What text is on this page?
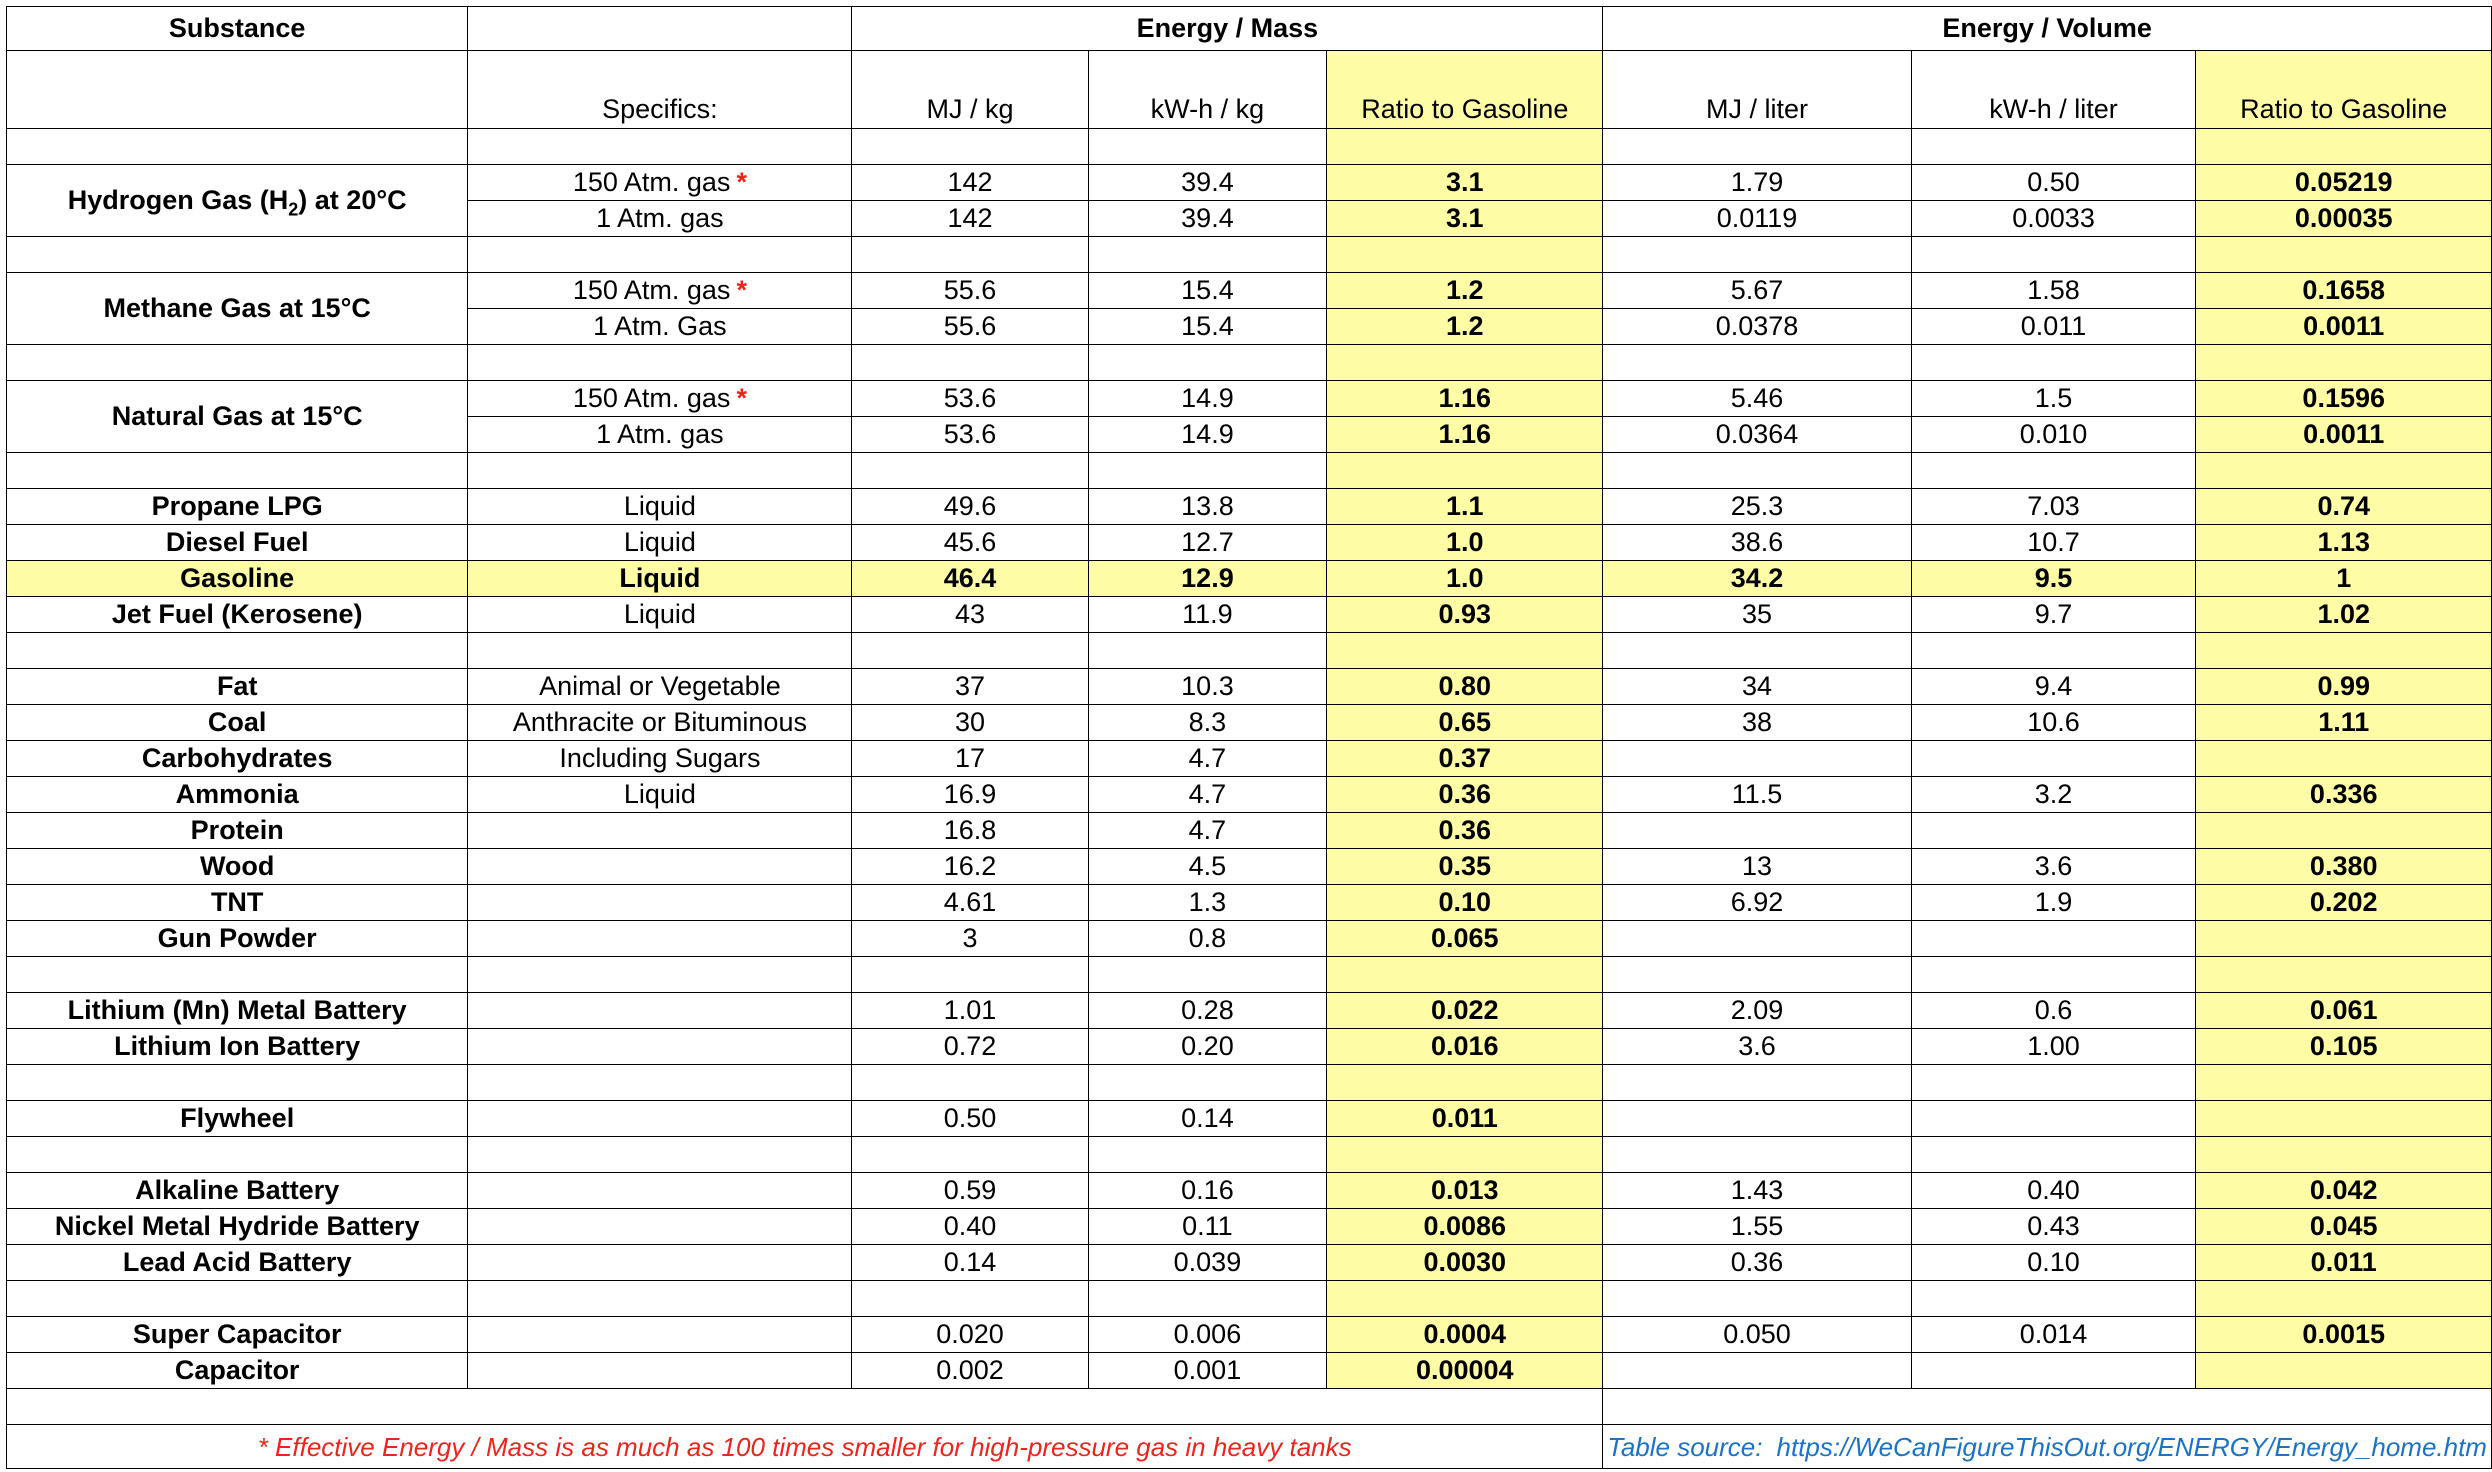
Substance		Energy / Mass			Energy / Volume		
	Specifics:	MJ / kg	kW-h / kg	Ratio to Gasoline	MJ / liter	kW-h / liter	Ratio to Gasoline

Hydrogen Gas $(H_2)$ at 20°C	150 Atm. gas *	142	39.4	3.1	1.79	0.50	0.05219
	1 Atm. gas	142	39.4	3.1	0.0119	0.0033	0.00035

Methane Gas at 15°C	150 Atm. gas *	55.6	15.4	1.2	5.67	1.58	0.1658
	1 Atm. Gas	55.6	15.4	1.2	0.0378	0.011	0.0011

Natural Gas at 15°C	150 Atm. gas *	53.6	14.9	1.16	5.46	1.5	0.1596
	1 Atm. gas	53.6	14.9	1.16	0.0364	0.010	0.0011

Propane LPG	Liquid	49.6	13.8	1.1	25.3	7.03	0.74
Diesel Fuel	Liquid	45.6	12.7	1.0	38.6	10.7	1.13
Gasoline	Liquid	46.4	12.9	1.0	34.2	9.5	1
Jet Fuel (Kerosene)	Liquid	43	11.9	0.93	35	9.7	1.02

Fat	Animal or Vegetable	37	10.3	0.80	34	9.4	0.99
Coal	Anthracite or Bituminous	30	8.3	0.65	38	10.6	1.11
Carbohydrates	Including Sugars	17	4.7	0.37			
Ammonia	Liquid	16.9	4.7	0.36	11.5	3.2	0.336
Protein		16.8	4.7	0.36			
Wood		16.2	4.5	0.35	13	3.6	0.380
TNT		4.61	1.3	0.10	6.92	1.9	0.202
Gun Powder		3	0.8	0.065			

Lithium (Mn) Metal Battery		1.01	0.28	0.022	2.09	0.6	0.061
Lithium Ion Battery		0.72	0.20	0.016	3.6	1.00	0.105

Flywheel		0.50	0.14	0.011			

Alkaline Battery		0.59	0.16	0.013	1.43	0.40	0.042
Nickel Metal Hydride Battery		0.40	0.11	0.0086	1.55	0.43	0.045
Lead Acid Battery		0.14	0.039	0.0030	0.36	0.10	0.011

Super Capacitor		0.020	0.006	0.0004	0.050	0.014	0.0015
Capacitor		0.002	0.001	0.00004			

* Effective Energy / Mass is as much as 100 times smaller for high-pressure gas in heavy tanks					Table source: https://WeCanFigureThisOut.org/ENERGY/Energy_home.htm		
